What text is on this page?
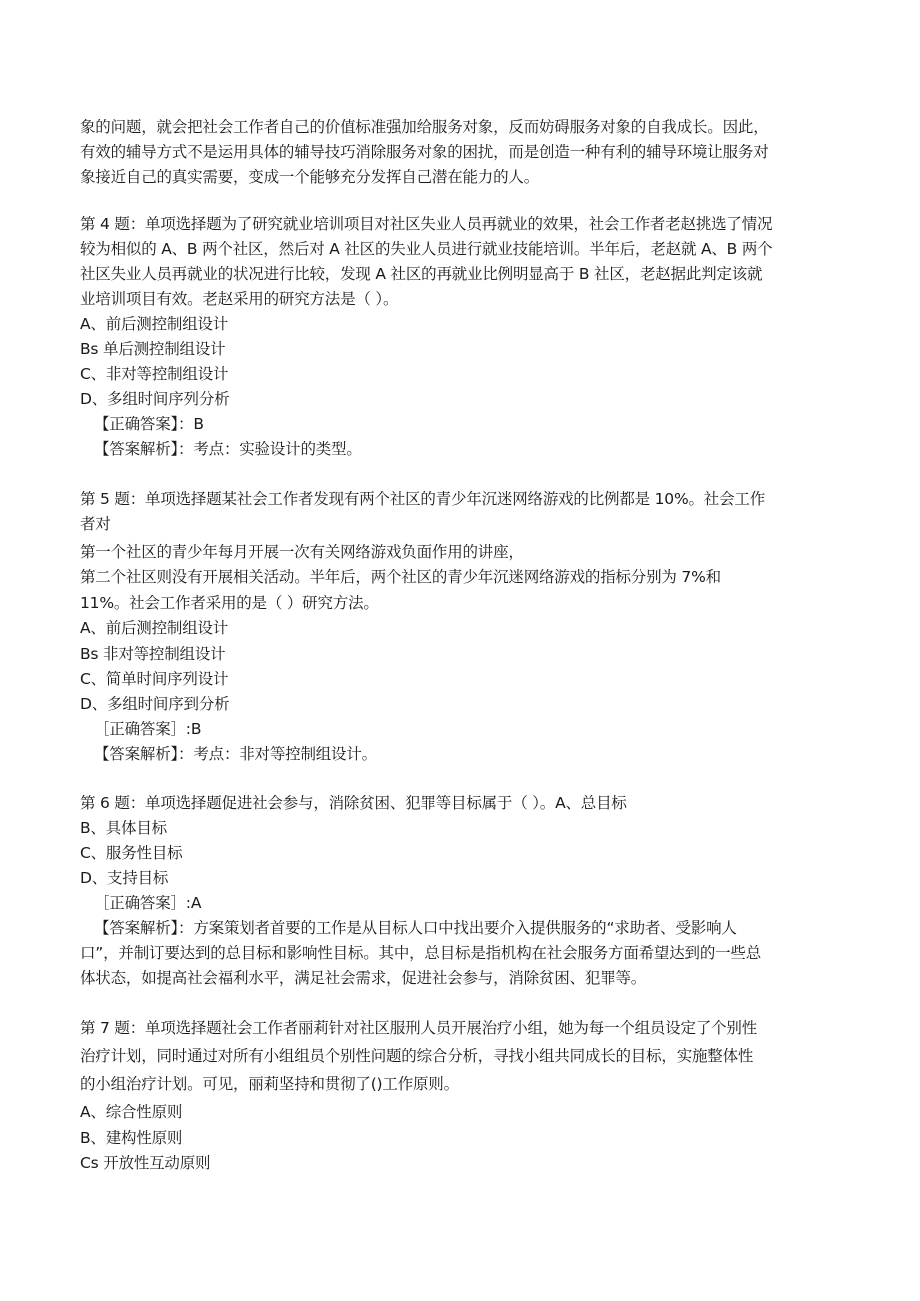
象的问题，就会把社会工作者自己的价值标准强加给服务对象，反而妨碍服务对象的自我成长。因此，
有效的辅导方式不是运用具体的辅导技巧消除服务对象的困扰，而是创造一种有利的辅导环境让服务对
象接近自己的真实需要，变成一个能够充分发挥自己潜在能力的人。
第 4 题：单项选择题为了研究就业培训项目对社区失业人员再就业的效果，社会工作者老赵挑选了情况
较为相似的 A、B 两个社区，然后对 A 社区的失业人员进行就业技能培训。半年后，老赵就 A、B 两个
社区失业人员再就业的状况进行比较，发现 A 社区的再就业比例明显高于 B 社区，老赵据此判定该就
业培训项目有效。老赵采用的研究方法是（ ）。
A、前后测控制组设计
Bs 单后测控制组设计
C、非对等控制组设计
D、多组时间序列分析
【正确答案】：B
【答案解析】：考点：实验设计的类型。
第 5 题：单项选择题某社会工作者发现有两个社区的青少年沉迷网络游戏的比例都是 10%。社会工作
者对
第一个社区的青少年每月开展一次有关网络游戏负面作用的讲座，
第二个社区则没有开展相关活动。半年后，两个社区的青少年沉迷网络游戏的指标分别为 7%和
11%。社会工作者采用的是（ ）研究方法。
A、前后测控制组设计
Bs 非对等控制组设计
C、简单时间序列设计
D、多组时间序到分析
［正确答案］:B
【答案解析】：考点：非对等控制组设计。
第 6 题：单项选择题促进社会参与，消除贫困、犯罪等目标属于（ ）。A、总目标
B、具体目标
C、服务性目标
D、支持目标
［正确答案］:A
【答案解析】：方案策划者首要的工作是从目标人口中找出要介入提供服务的“求助者、受影响人
口”，并制订要达到的总目标和影响性目标。其中，总目标是指机构在社会服务方面希望达到的一些总
体状态，如提高社会福利水平，满足社会需求，促进社会参与，消除贫困、犯罪等。
第 7 题：单项选择题社会工作者丽莉针对社区服刑人员开展治疗小组，她为每一个组员设定了个别性
治疗计划，同时通过对所有小组组员个别性问题的综合分析，寻找小组共同成长的目标，实施整体性
的小组治疗计划。可见，丽莉坚持和贯彻了()工作原则。
A、综合性原则
B、建构性原则
Cs 开放性互动原则
